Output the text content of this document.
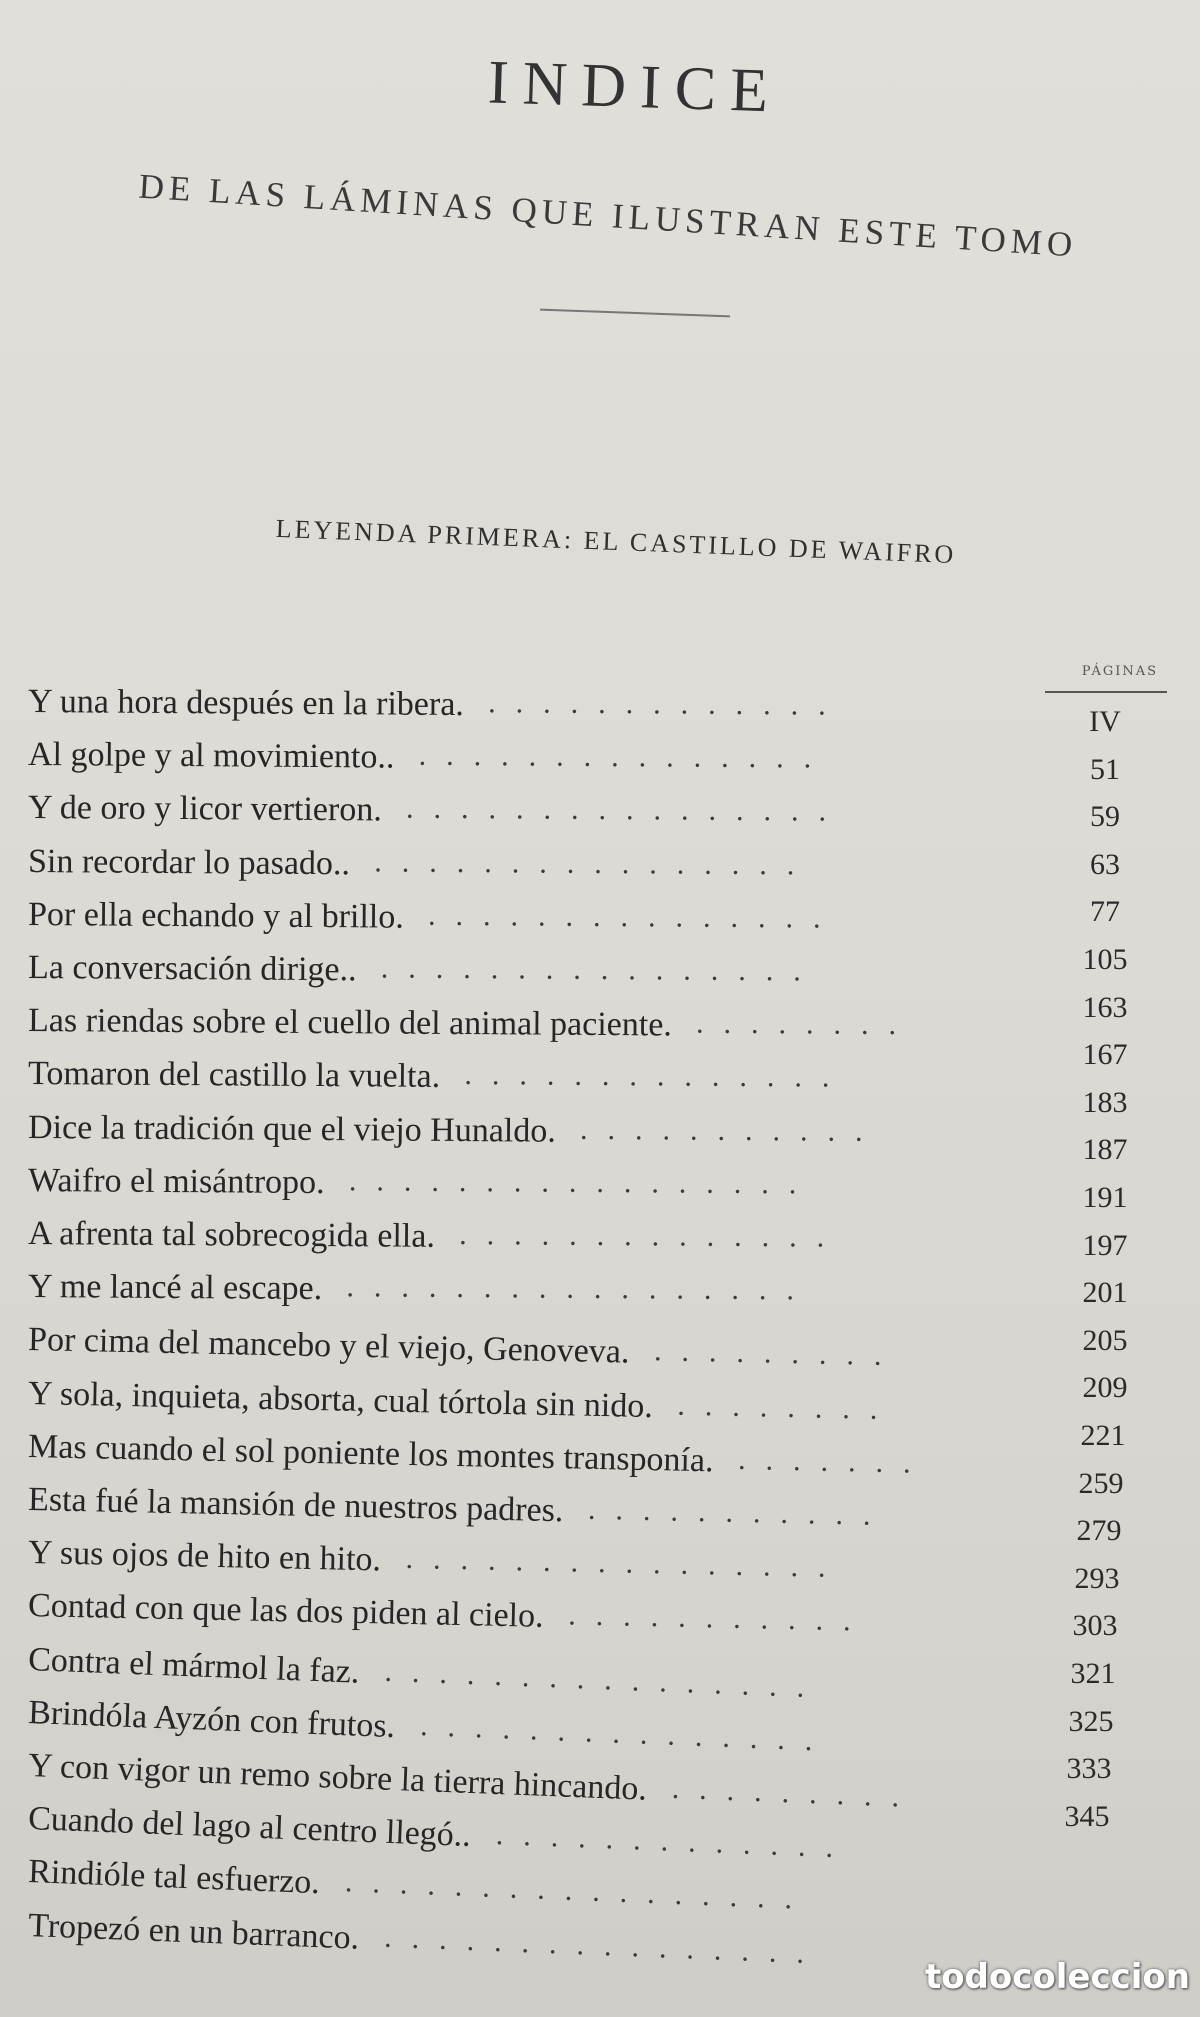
INDICE
DE LAS LÁMINAS QUE ILUSTRAN ESTE TOMO
LEYENDA PRIMERA: EL CASTILLO DE WAIFRO
PÁGINAS
Y una hora después en la ribera. .............
Al golpe y al movimiento.. ...............
Y de oro y licor vertieron. ................
Sin recordar lo pasado.. ................
Por ella echando y al brillo. ...............
La conversación dirige.. ................
Las riendas sobre el cuello del animal paciente. ........
Tomaron del castillo la vuelta. ..............
Dice la tradición que el viejo Hunaldo. ...........
Waifro el misántropo. .................
A afrenta tal sobrecogida ella. ..............
Y me lancé al escape. .................
Por cima del mancebo y el viejo, Genoveva. .........
Y sola, inquieta, absorta, cual tórtola sin nido. ........
Mas cuando el sol poniente los montes transponía. .......
Esta fué la mansión de nuestros padres. ...........
Y sus ojos de hito en hito. ................
Contad con que las dos piden al cielo. ...........
Contra el mármol la faz. ................
Brindóla Ayzón con frutos. ...............
Y con vigor un remo sobre la tierra hincando. .........
Cuando del lago al centro llegó.. .............
Rindióle tal esfuerzo. .................
Tropezó en un barranco. ................
IV
51
59
63
77
105
163
167
183
187
191
197
201
205
209
221
259
279
293
303
321
325
333
345
todocoleccion
